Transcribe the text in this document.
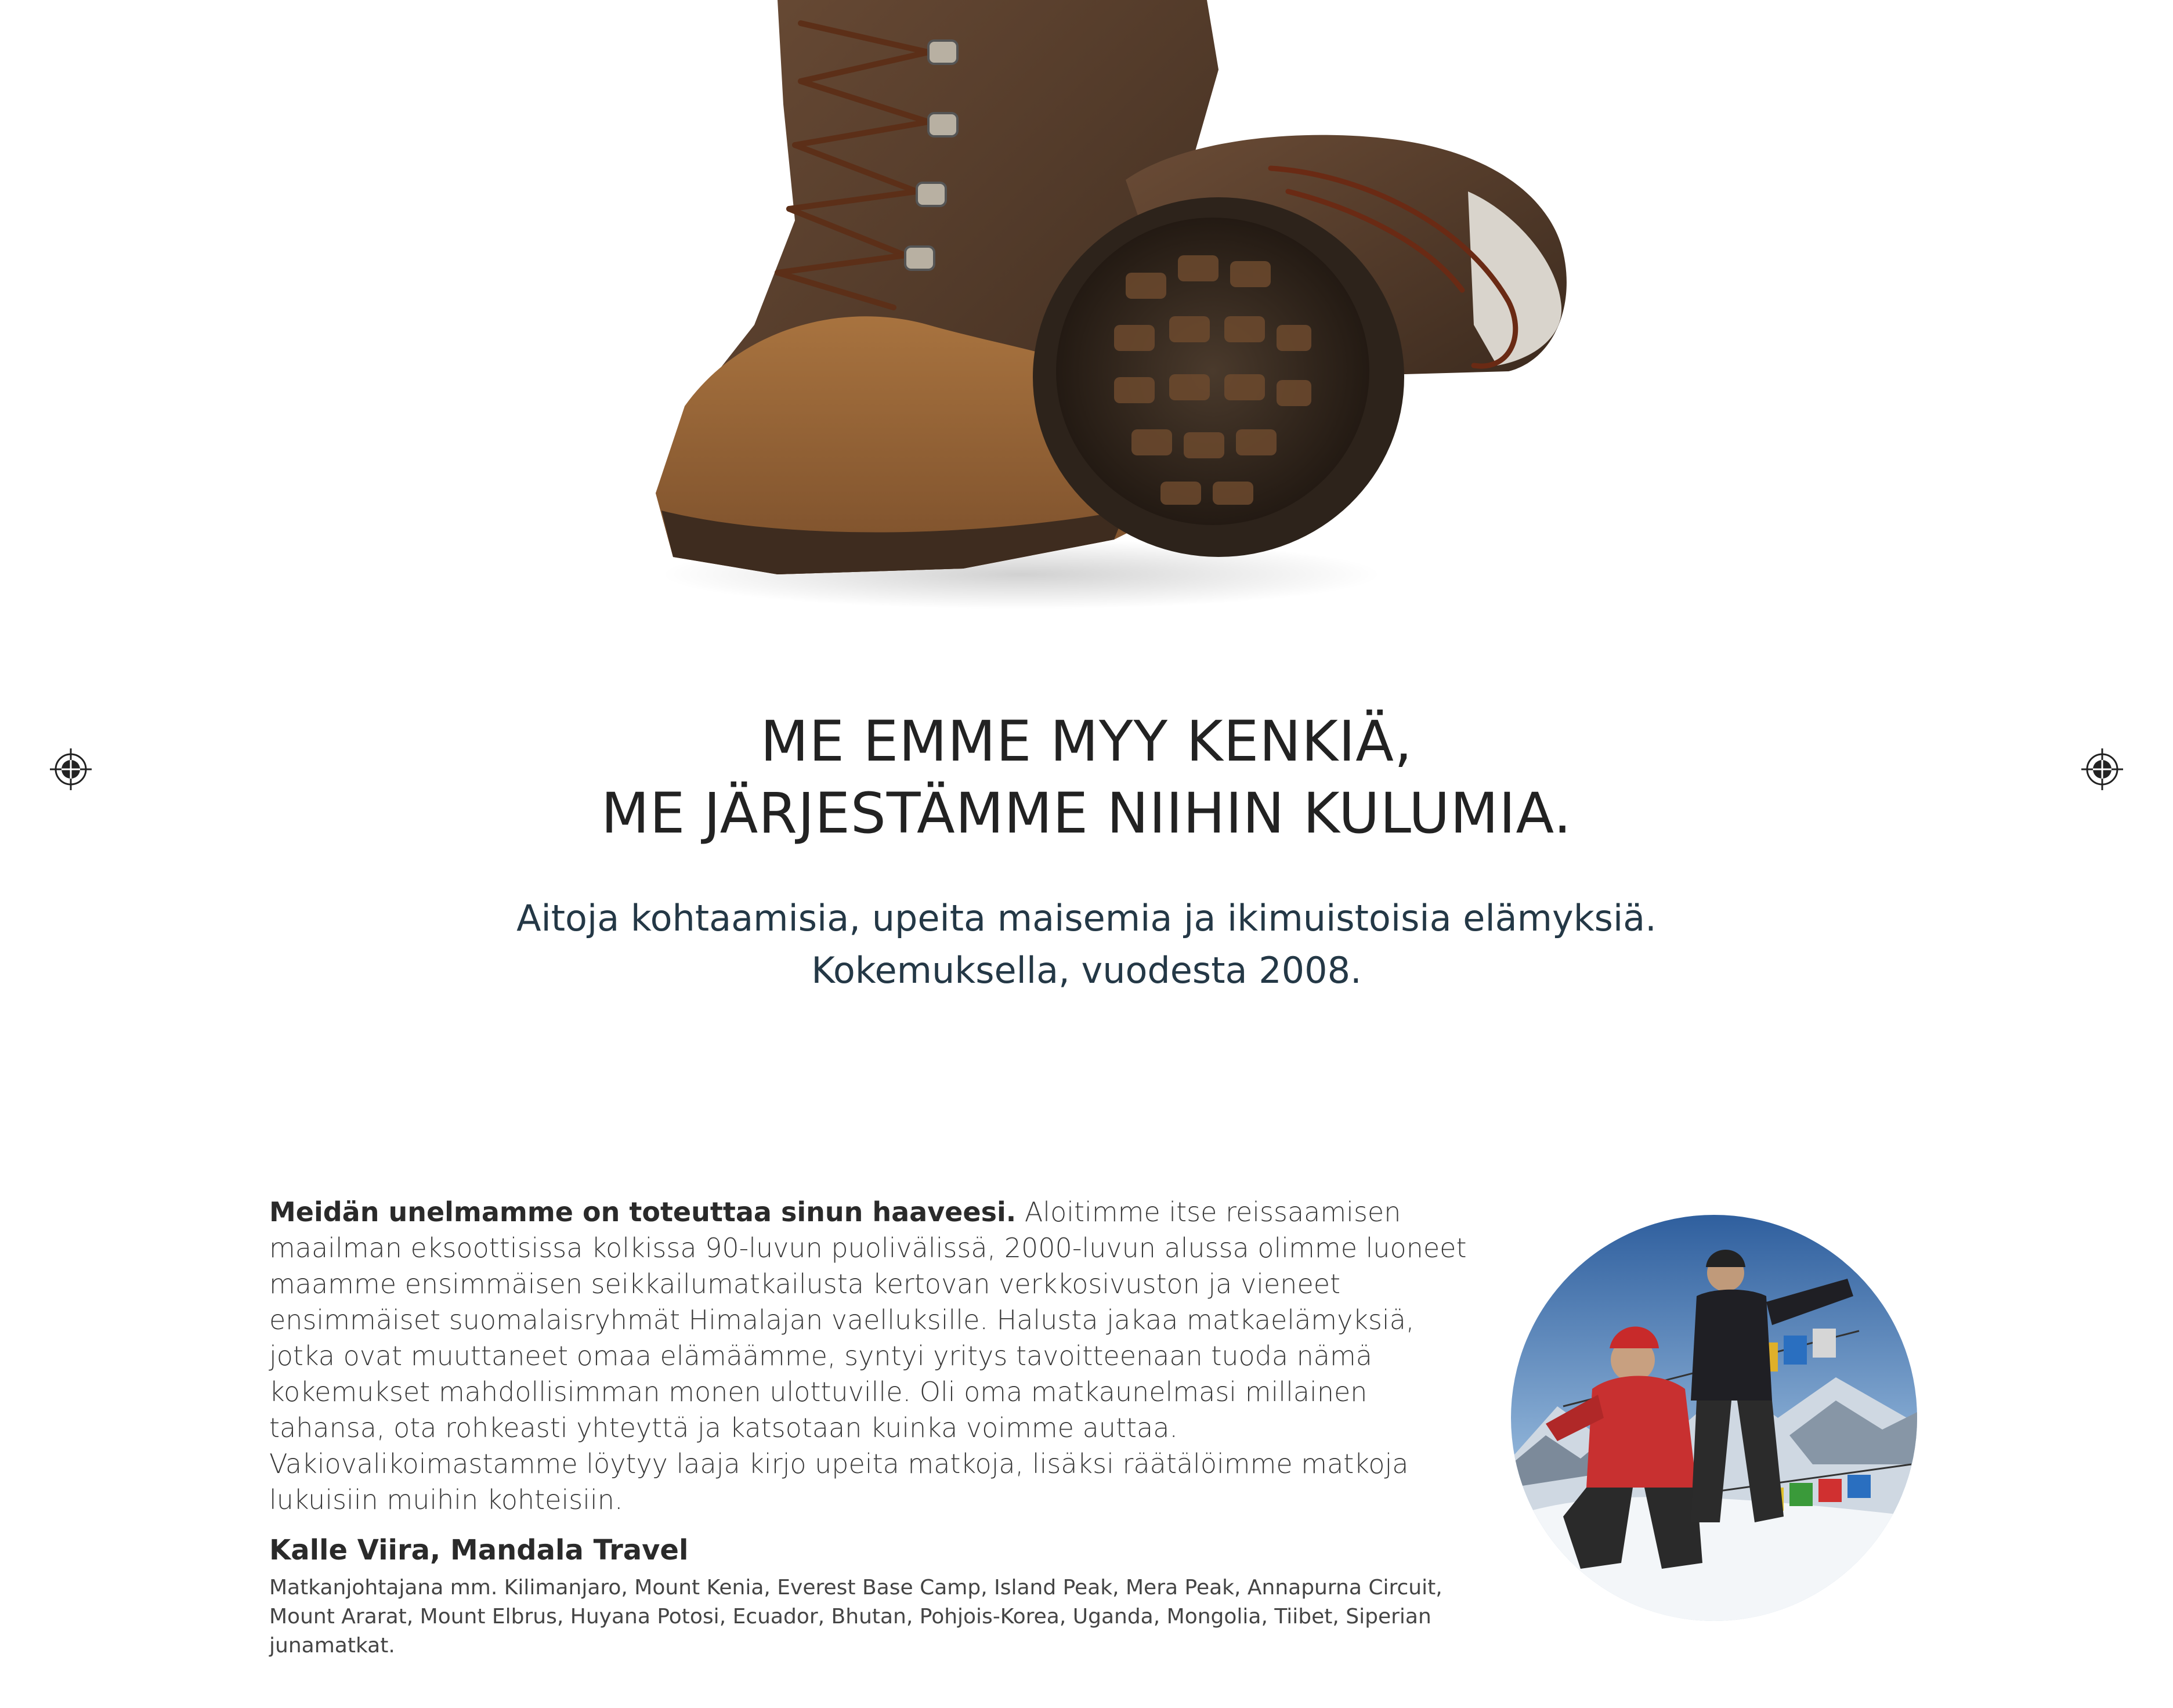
ME EMME MYY KENKIÄ,
ME JÄRJESTÄMME NIIHIN KULUMIA.

Aitoja kohtaamisia, upeita maisemia ja ikimuistoisia elämyksiä.

Kokemuksella, vuodesta 2008.

Meidän unelmamme on toteuttaa sinun haaveesi. Aloitimme itse reissaamisen maailman eksoottisissa kolkissa 90-luvun puolivälissä, 2000-luvun alussa olimme luoneet maamme ensimmäisen seikkailumatkailusta kertovan verkkosivuston ja vieneet ensimmäiset suomalaisryhmät Himalajan vaelluksille. Halusta jakaa matkaelämyksiä, jotka ovat muuttaneet omaa elämäämme, syntyi yritys tavoitteenaan tuoda nämä kokemukset mahdollisimman monen ulottuville. Oli oma matkaunelmasi millainen tahansa, ota rohkeasti yhteyttä ja katsotaan kuinka voimme auttaa. Vakiovalikoimastamme löytyy laaja kirjo upeita matkoja, lisäksi räätälöimme matkoja lukuisiin muihin kohteisiin.

Kalle Viira, Mandala Travel

Matkanjohtajana mm. Kilimanjaro, Mount Kenia, Everest Base Camp, Island Peak, Mera Peak, Annapurna Circuit, Mount Ararat, Mount Elbrus, Huyana Potosi, Ecuador, Bhutan, Pohjois-Korea, Uganda, Mongolia, Tiibet, Siperian junamatkat.
